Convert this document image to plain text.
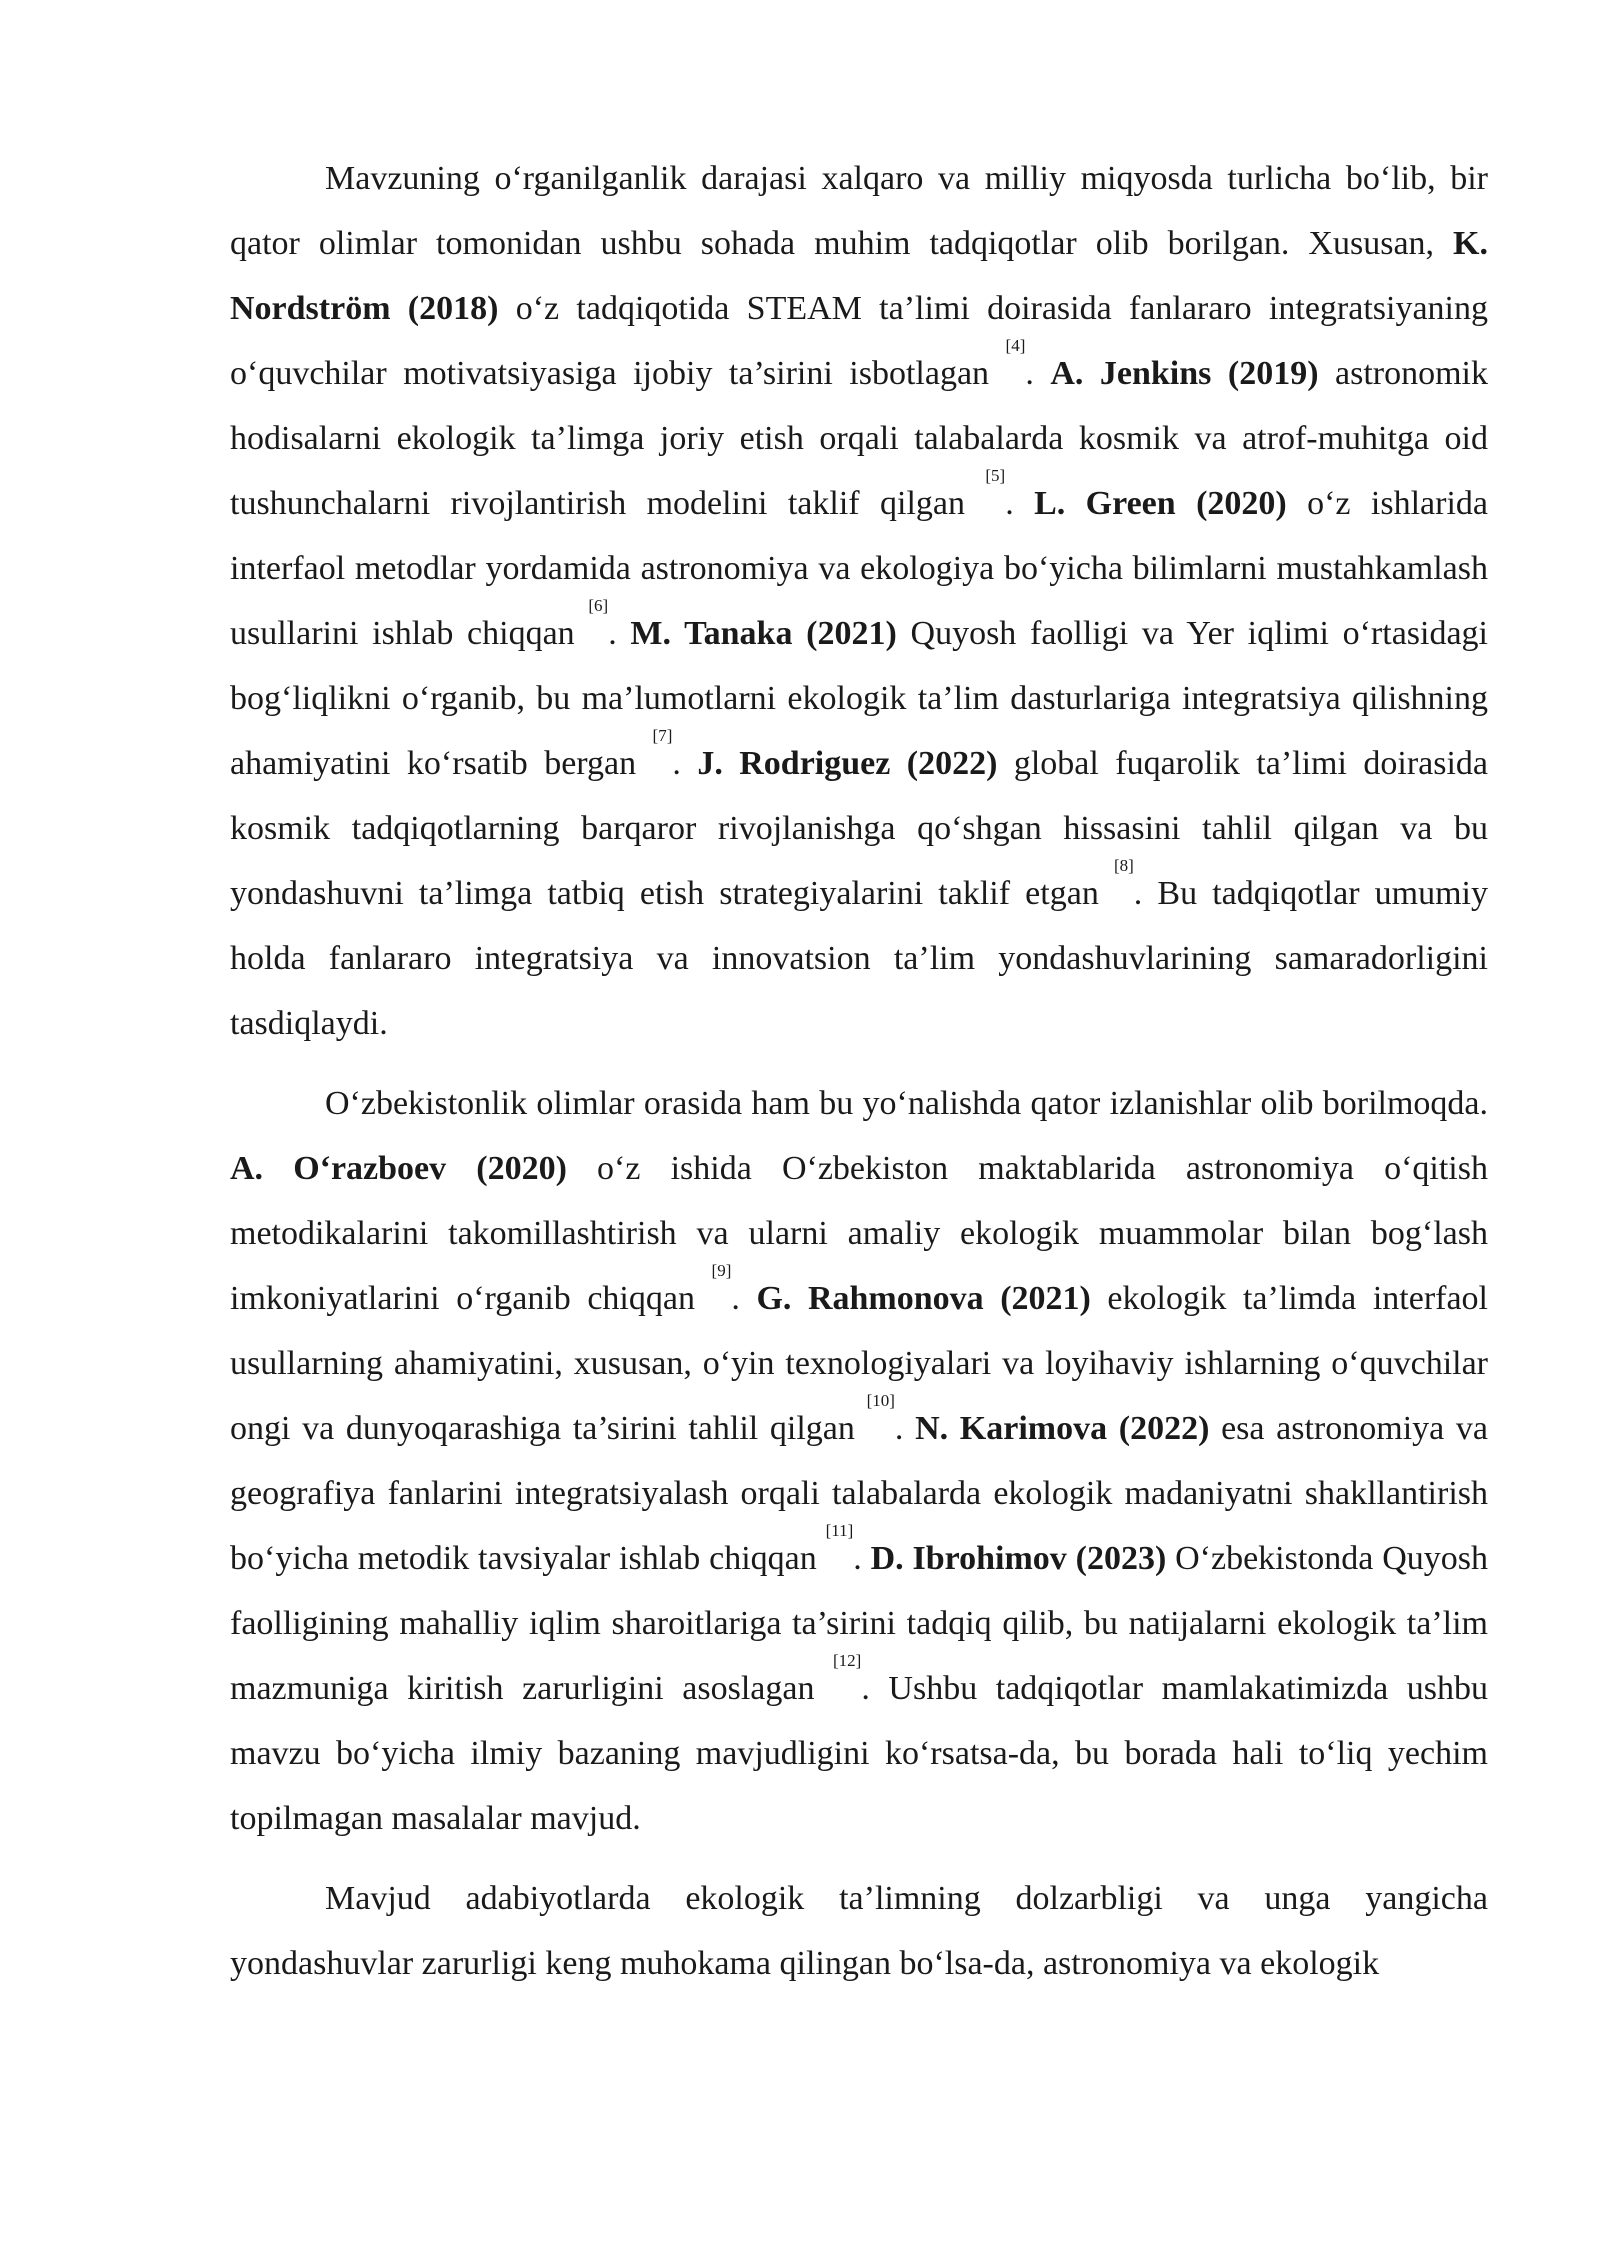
Mavzuning o‘rganilganlik darajasi xalqaro va milliy miqyosda turlicha bo‘lib, bir qator olimlar tomonidan ushbu sohada muhim tadqiqotlar olib borilgan. Xususan, K. Nordström (2018) o‘z tadqiqotida STEAM ta’limi doirasida fanlararo integratsiyaning o‘quvchilar motivatsiyasiga ijobiy ta’sirini isbotlagan [4]. A. Jenkins (2019) astronomik hodisalarni ekologik ta’limga joriy etish orqali talabalarda kosmik va atrof-muhitga oid tushunchalarni rivojlantirish modelini taklif qilgan [5]. L. Green (2020) o‘z ishlarida interfaol metodlar yordamida astronomiya va ekologiya bo‘yicha bilimlarni mustahkamlash usullarini ishlab chiqqan [6]. M. Tanaka (2021) Quyosh faolligi va Yer iqlimi o‘rtasidagi bog‘liqlikni o‘rganib, bu ma’lumotlarni ekologik ta’lim dasturlariga integratsiya qilishning ahamiyatini ko‘rsatib bergan [7]. J. Rodriguez (2022) global fuqarolik ta’limi doirasida kosmik tadqiqotlarning barqaror rivojlanishga qo‘shgan hissasini tahlil qilgan va bu yondashuvni ta’limga tatbiq etish strategiyalarini taklif etgan [8]. Bu tadqiqotlar umumiy holda fanlararo integratsiya va innovatsion ta’lim yondashuvlarining samaradorligini tasdiqlaydi.

O‘zbekistonlik olimlar orasida ham bu yo‘nalishda qator izlanishlar olib borilmoqda. A. O‘razboev (2020) o‘z ishida O‘zbekiston maktablarida astronomiya o‘qitish metodikalarini takomillashtirish va ularni amaliy ekologik muammolar bilan bog‘lash imkoniyatlarini o‘rganib chiqqan [9]. G. Rahmonova (2021) ekologik ta’limda interfaol usullarning ahamiyatini, xususan, o‘yin texnologiyalari va loyihaviy ishlarning o‘quvchilar ongi va dunyoqarashiga ta’sirini tahlil qilgan [10]. N. Karimova (2022) esa astronomiya va geografiya fanlarini integratsiyalash orqali talabalarda ekologik madaniyatni shakllantirish bo‘yicha metodik tavsiyalar ishlab chiqqan [11]. D. Ibrohimov (2023) O‘zbekistonda Quyosh faolligining mahalliy iqlim sharoitlariga ta’sirini tadqiq qilib, bu natijalarni ekologik ta’lim mazmuniga kiritish zarurligini asoslagan [12]. Ushbu tadqiqotlar mamlakatimizda ushbu mavzu bo‘yicha ilmiy bazaning mavjudligini ko‘rsatsa-da, bu borada hali to‘liq yechim topilmagan masalalar mavjud.

Mavjud adabiyotlarda ekologik ta’limning dolzarbligi va unga yangicha yondashuvlar zarurligi keng muhokama qilingan bo‘lsa-da, astronomiya va ekologik
